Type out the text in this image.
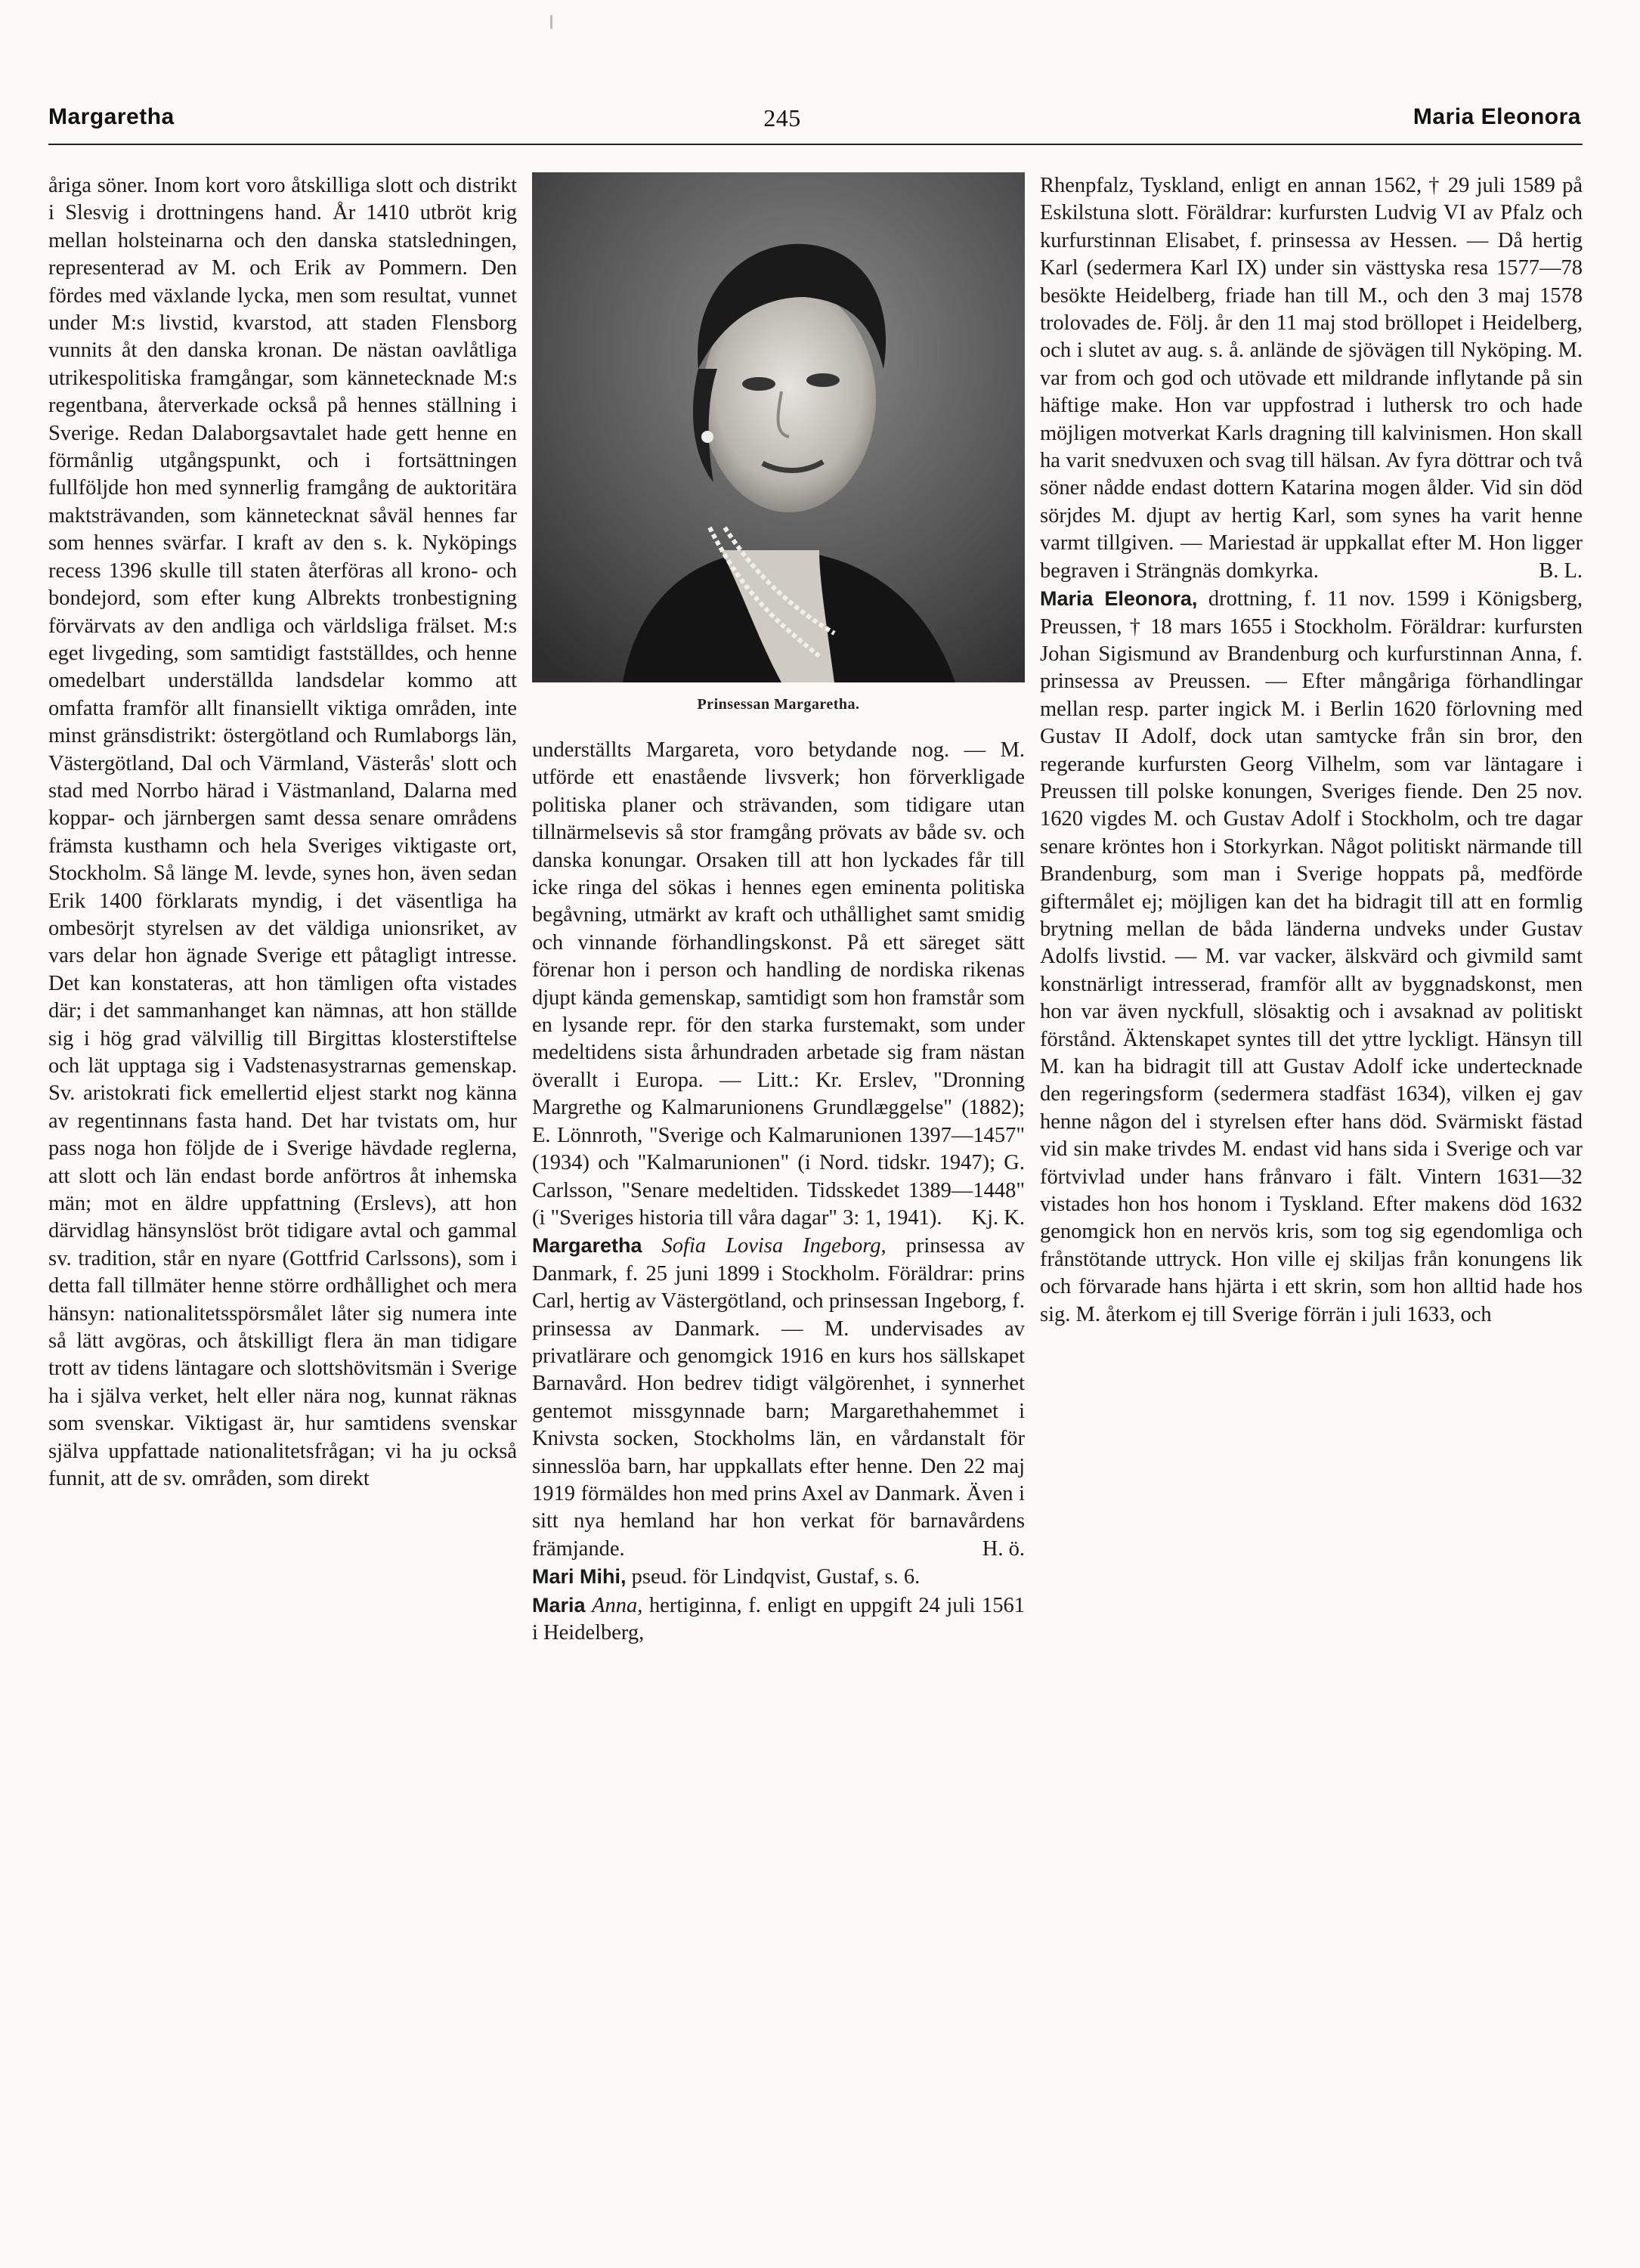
Margaretha	245	Maria Eleonora

åriga söner. Inom kort voro åtskilliga slott och distrikt i Slesvig i drottningens hand. År 1410 utbröt krig mellan holsteinarna och den danska statsledningen, representerad av M. och Erik av Pommern. Den fördes med växlande lycka, men som resultat, vunnet under M:s livstid, kvarstod, att staden Flensborg vunnits åt den danska kronan. De nästan oavlåtliga utrikespolitiska framgångar, som kännetecknade M:s regentbana, återverkade också på hennes ställning i Sverige. Redan Dalaborgsavtalet hade gett henne en förmånlig utgångspunkt, och i fortsättningen fullföljde hon med synnerlig framgång de auktoritära maktsträvanden, som kännetecknat såväl hennes far som hennes svärfar. I kraft av den s. k. Nyköpings recess 1396 skulle till staten återföras all krono- och bondejord, som efter kung Albrekts tronbestigning förvärvats av den andliga och världsliga frälset. M:s eget livgeding, som samtidigt fastställdes, och henne omedelbart underställda landsdelar kommo att omfatta framför allt finansiellt viktiga områden, inte minst gränsdistrikt: östergötland och Rumlaborgs län, Västergötland, Dal och Värmland, Västerås' slott och stad med Norrbo härad i Västmanland, Dalarna med koppar- och järnbergen samt dessa senare områdens främsta kusthamn och hela Sveriges viktigaste ort, Stockholm. Så länge M. levde, synes hon, även sedan Erik 1400 förklarats myndig, i det väsentliga ha ombesörjt styrelsen av det väldiga unionsriket, av vars delar hon ägnade Sverige ett påtagligt intresse. Det kan konstateras, att hon tämligen ofta vistades där; i det sammanhanget kan nämnas, att hon ställde sig i hög grad välvillig till Birgittas klosterstiftelse och lät upptaga sig i Vadstenasystrarnas gemenskap. Sv. aristokrati fick emellertid eljest starkt nog känna av regentinnans fasta hand. Det har tvistats om, hur pass noga hon följde de i Sverige hävdade reglerna, att slott och län endast borde anförtros åt inhemska män; mot en äldre uppfattning (Erslevs), att hon därvidlag hänsynslöst bröt tidigare avtal och gammal sv. tradition, står en nyare (Gottfrid Carlssons), som i detta fall tillmäter henne större ordhållighet och mera hänsyn: nationalitetsspörsmålet låter sig numera inte så lätt avgöras, och åtskilligt flera än man tidigare trott av tidens läntagare och slottshövitsmän i Sverige ha i själva verket, helt eller nära nog, kunnat räknas som svenskar. Viktigast är, hur samtidens svenskar själva uppfattade nationalitetsfrågan; vi ha ju också funnit, att de sv. områden, som direkt

Prinsessan Margaretha.

underställts Margareta, voro betydande nog. — M. utförde ett enastående livsverk; hon förverkligade politiska planer och strävanden, som tidigare utan tillnärmelsevis så stor framgång prövats av både sv. och danska konungar. Orsaken till att hon lyckades får till icke ringa del sökas i hennes egen eminenta politiska begåvning, utmärkt av kraft och uthållighet samt smidig och vinnande förhandlingskonst. På ett säreget sätt förenar hon i person och handling de nordiska rikenas djupt kända gemenskap, samtidigt som hon framstår som en lysande repr. för den starka furstemakt, som under medeltidens sista århundraden arbetade sig fram nästan överallt i Europa. — Litt.: Kr. Erslev, "Dronning Margrethe og Kalmarunionens Grundlæggelse" (1882); E. Lönnroth, "Sverige och Kalmarunionen 1397—1457" (1934) och "Kalmarunionen" (i Nord. tidskr. 1947); G. Carlsson, "Senare medeltiden. Tidsskedet 1389—1448" (i "Sveriges historia till våra dagar" 3: 1, 1941). Kj. K.

Margaretha Sofia Lovisa Ingeborg, prinsessa av Danmark, f. 25 juni 1899 i Stockholm. Föräldrar: prins Carl, hertig av Västergötland, och prinsessan Ingeborg, f. prinsessa av Danmark. — M. undervisades av privatlärare och genomgick 1916 en kurs hos sällskapet Barnavård. Hon bedrev tidigt välgörenhet, i synnerhet gentemot missgynnade barn; Margarethahemmet i Knivsta socken, Stockholms län, en vårdanstalt för sinnesslöa barn, har uppkallats efter henne. Den 22 maj 1919 förmäldes hon med prins Axel av Danmark. Även i sitt nya hemland har hon verkat för barnavårdens främjande.	H. ö.

Mari Mihi, pseud. för Lindqvist, Gustaf, s. 6.

Maria Anna, hertiginna, f. enligt en uppgift 24 juli 1561 i Heidelberg,

Rhenpfalz, Tyskland, enligt en annan 1562, † 29 juli 1589 på Eskilstuna slott. Föräldrar: kurfursten Ludvig VI av Pfalz och kurfurstinnan Elisabet, f. prinsessa av Hessen. — Då hertig Karl (sedermera Karl IX) under sin västtyska resa 1577—78 besökte Heidelberg, friade han till M., och den 3 maj 1578 trolovades de. Följ. år den 11 maj stod bröllopet i Heidelberg, och i slutet av aug. s. å. anlände de sjövägen till Nyköping. M. var from och god och utövade ett mildrande inflytande på sin häftige make. Hon var uppfostrad i luthersk tro och hade möjligen motverkat Karls dragning till kalvinismen. Hon skall ha varit snedvuxen och svag till hälsan. Av fyra döttrar och två söner nådde endast dottern Katarina mogen ålder. Vid sin död sörjdes M. djupt av hertig Karl, som synes ha varit henne varmt tillgiven. — Mariestad är uppkallat efter M. Hon ligger begraven i Strängnäs domkyrka.	B. L.

Maria Eleonora, drottning, f. 11 nov. 1599 i Königsberg, Preussen, † 18 mars 1655 i Stockholm. Föräldrar: kurfursten Johan Sigismund av Brandenburg och kurfurstinnan Anna, f. prinsessa av Preussen. — Efter mångåriga förhandlingar mellan resp. parter ingick M. i Berlin 1620 förlovning med Gustav II Adolf, dock utan samtycke från sin bror, den regerande kurfursten Georg Vilhelm, som var läntagare i Preussen till polske konungen, Sveriges fiende. Den 25 nov. 1620 vigdes M. och Gustav Adolf i Stockholm, och tre dagar senare kröntes hon i Storkyrkan. Något politiskt närmande till Brandenburg, som man i Sverige hoppats på, medförde giftermålet ej; möjligen kan det ha bidragit till att en formlig brytning mellan de båda länderna undveks under Gustav Adolfs livstid. — M. var vacker, älskvärd och givmild samt konstnärligt intresserad, framför allt av byggnadskonst, men hon var även nyckfull, slösaktig och i avsaknad av politiskt förstånd. Äktenskapet syntes till det yttre lyckligt. Hänsyn till M. kan ha bidragit till att Gustav Adolf icke undertecknade den regeringsform (sedermera stadfäst 1634), vilken ej gav henne någon del i styrelsen efter hans död. Svärmiskt fästad vid sin make trivdes M. endast vid hans sida i Sverige och var förtvivlad under hans frånvaro i fält. Vintern 1631—32 vistades hon hos honom i Tyskland. Efter makens död 1632 genomgick hon en nervös kris, som tog sig egendomliga och frånstötande uttryck. Hon ville ej skiljas från konungens lik och förvarade hans hjärta i ett skrin, som hon alltid hade hos sig. M. återkom ej till Sverige förrän i juli 1633, och
